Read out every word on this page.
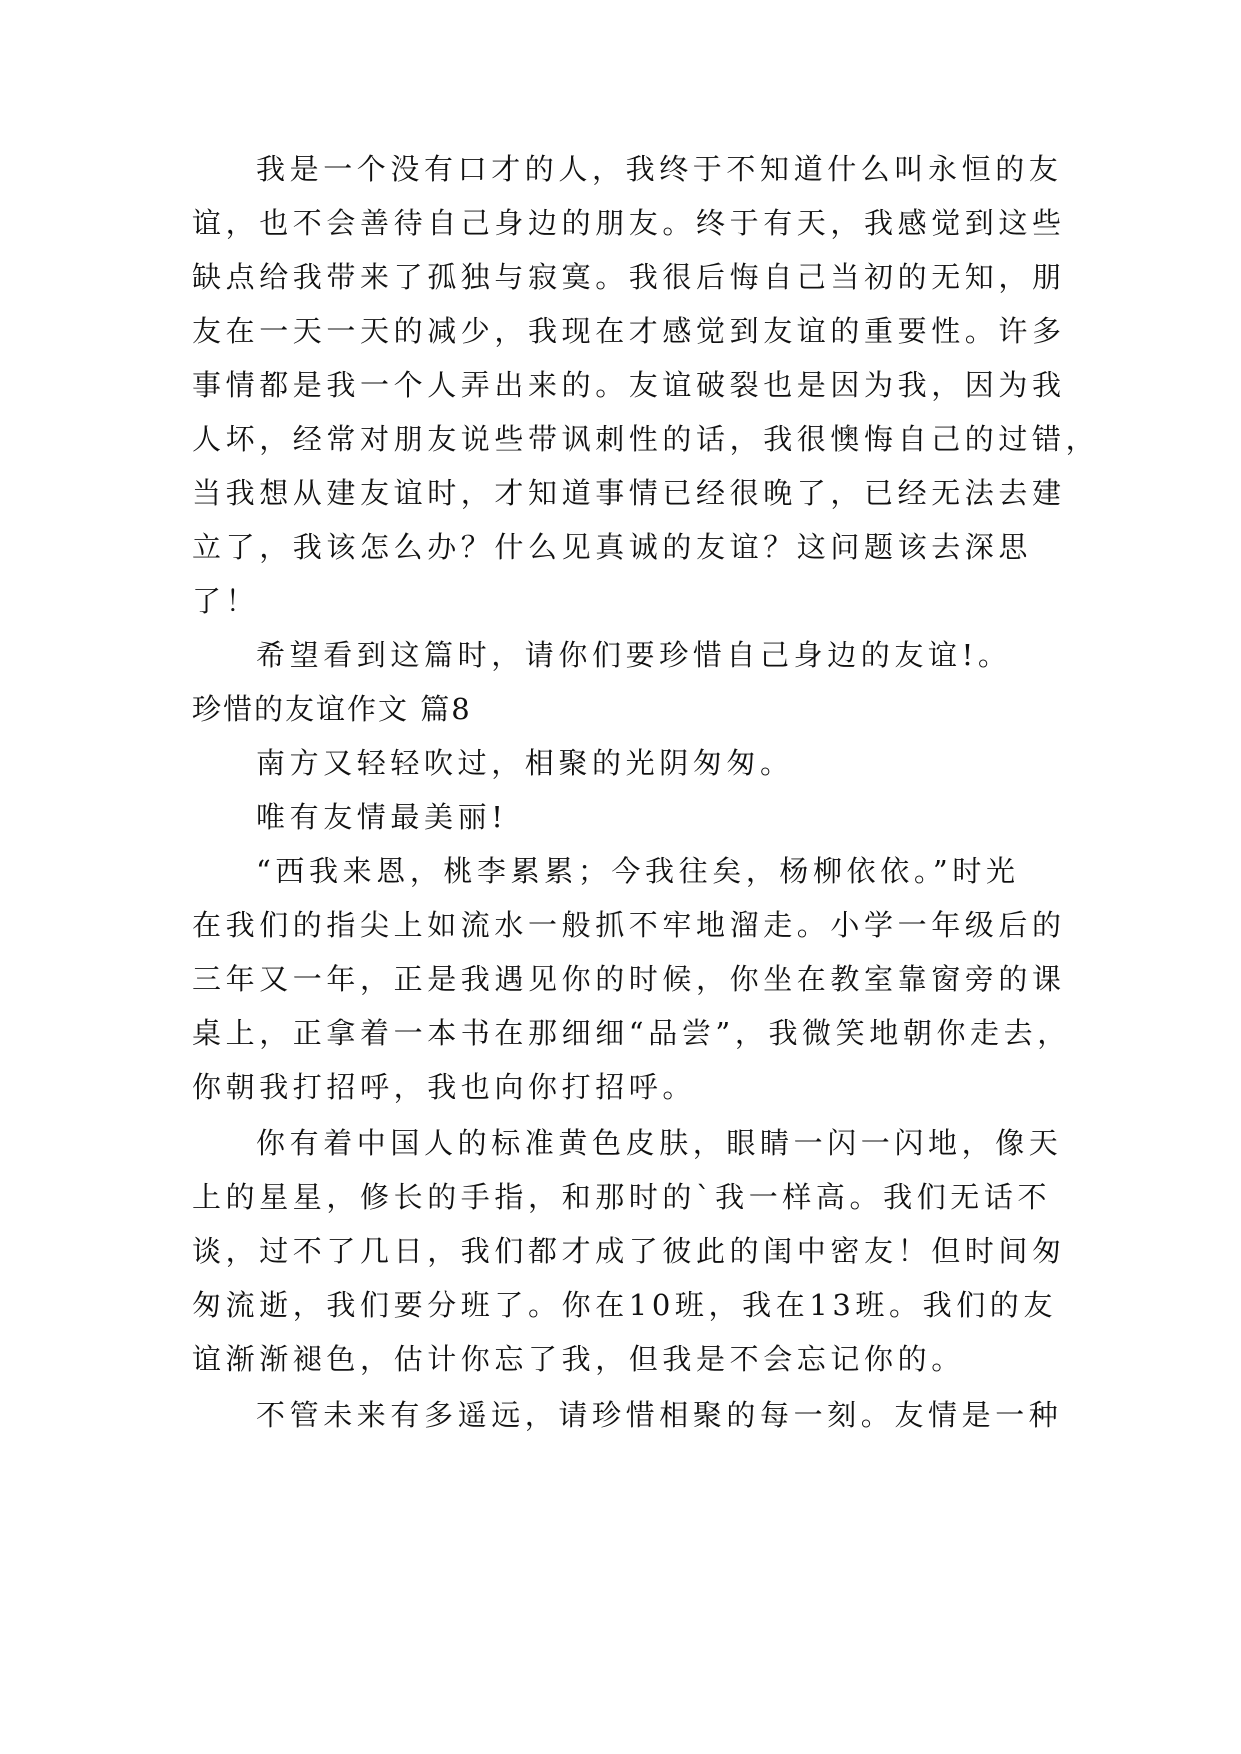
我是一个没有口才的人，我终于不知道什么叫永恒的友
谊，也不会善待自己身边的朋友。终于有天，我感觉到这些
缺点给我带来了孤独与寂寞。我很后悔自己当初的无知，朋
友在一天一天的减少，我现在才感觉到友谊的重要性。许多
事情都是我一个人弄出来的。友谊破裂也是因为我，因为我
人坏，经常对朋友说些带讽刺性的话，我很懊悔自己的过错，
当我想从建友谊时，才知道事情已经很晚了，已经无法去建
立了，我该怎么办？什么见真诚的友谊？这问题该去深思
了！
希望看到这篇时，请你们要珍惜自己身边的友谊!。
珍惜的友谊作文 篇8
南方又轻轻吹过，相聚的光阴匆匆。
唯有友情最美丽!
“西我来恩，桃李累累；今我往矣，杨柳依依。”时光
在我们的指尖上如流水一般抓不牢地溜走。小学一年级后的
三年又一年，正是我遇见你的时候，你坐在教室靠窗旁的课
桌上，正拿着一本书在那细细“品尝”，我微笑地朝你走去，
你朝我打招呼，我也向你打招呼。
你有着中国人的标准黄色皮肤，眼睛一闪一闪地，像天
上的星星，修长的手指，和那时的`我一样高。我们无话不
谈，过不了几日，我们都才成了彼此的闺中密友！但时间匆
匆流逝，我们要分班了。你在10班，我在13班。我们的友
谊渐渐褪色，估计你忘了我，但我是不会忘记你的。
不管未来有多遥远，请珍惜相聚的每一刻。友情是一种
